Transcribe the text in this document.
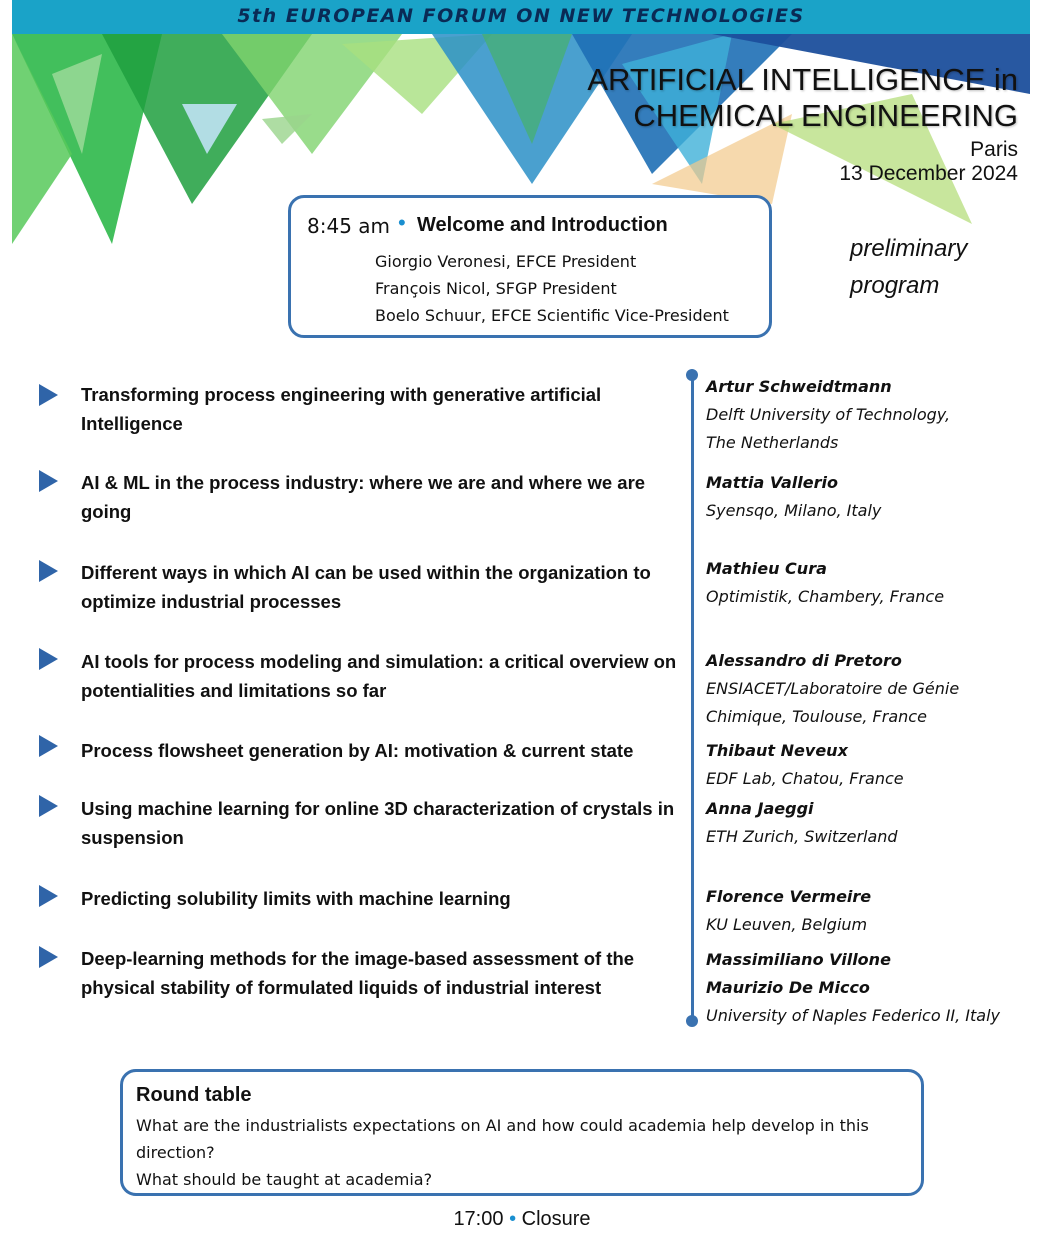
5th EUROPEAN FORUM ON NEW TECHNOLOGIES
ARTIFICIAL INTELLIGENCE in
CHEMICAL ENGINEERING
Paris
13 December 2024
8:45 am • Welcome and Introduction
Giorgio Veronesi, EFCE President
François Nicol, SFGP President
Boelo Schuur, EFCE Scientific Vice-President
preliminary
program
Transforming process engineering with generative artificial Intelligence
Artur Schweidtmann
Delft University of Technology,
The Netherlands
AI & ML in the process industry: where we are and where we are going
Mattia Vallerio
Syensqo, Milano, Italy
Different ways in which AI can be used within the organization to optimize industrial processes
Mathieu Cura
Optimistik, Chambery, France
AI tools for process modeling and simulation: a critical overview on potentialities and limitations so far
Alessandro di Pretoro
ENSIACET/Laboratoire de Génie
Chimique, Toulouse, France
Process flowsheet generation by AI: motivation & current state	Thibaut Neveux
EDF Lab, Chatou, France
Using machine learning for online 3D characterization of crystals in suspension
Anna Jaeggi
ETH Zurich, Switzerland
Predicting solubility limits with machine learning	Florence Vermeire
KU Leuven, Belgium
Deep-learning methods for the image-based assessment of the physical stability of formulated liquids of industrial interest
Massimiliano Villone
Maurizio De Micco
University of Naples Federico II, Italy
Round table
What are the industrialists expectations on AI and how could academia help develop in this direction?
What should be taught at academia?
17:00 • Closure
